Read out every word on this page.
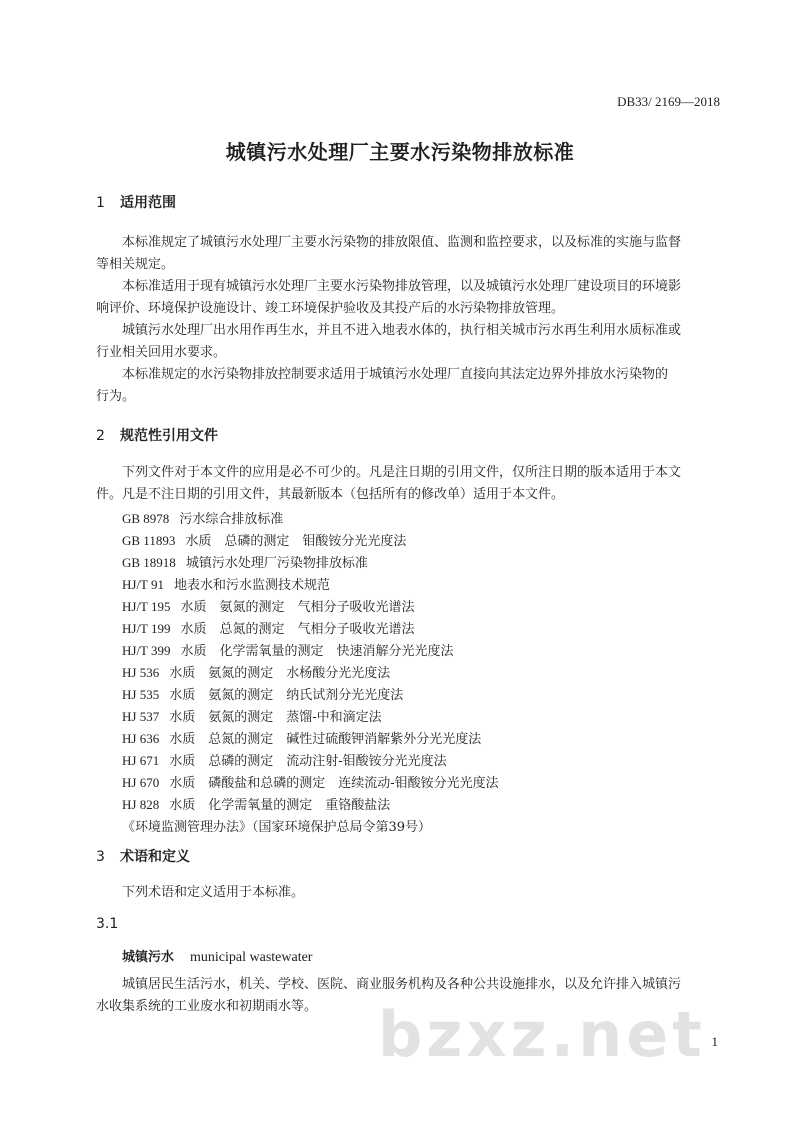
DB33/ 2169—2018
城镇污水处理厂主要水污染物排放标准
1 适用范围
本标准规定了城镇污水处理厂主要水污染物的排放限值、监测和监控要求，以及标准的实施与监督
等相关规定。
本标准适用于现有城镇污水处理厂主要水污染物排放管理，以及城镇污水处理厂建设项目的环境影
响评价、环境保护设施设计、竣工环境保护验收及其投产后的水污染物排放管理。
城镇污水处理厂出水用作再生水，并且不进入地表水体的，执行相关城市污水再生利用水质标准或
行业相关回用水要求。
本标准规定的水污染物排放控制要求适用于城镇污水处理厂直接向其法定边界外排放水污染物的
行为。
2 规范性引用文件
下列文件对于本文件的应用是必不可少的。凡是注日期的引用文件，仅所注日期的版本适用于本文
件。凡是不注日期的引用文件，其最新版本（包括所有的修改单）适用于本文件。
GB 8978 污水综合排放标准
GB 11893 水质　总磷的测定　钼酸铵分光光度法
GB 18918 城镇污水处理厂污染物排放标准
HJ/T 91 地表水和污水监测技术规范
HJ/T 195 水质　氨氮的测定　气相分子吸收光谱法
HJ/T 199 水质　总氮的测定　气相分子吸收光谱法
HJ/T 399 水质　化学需氧量的测定　快速消解分光光度法
HJ 536 水质　氨氮的测定　水杨酸分光光度法
HJ 535 水质　氨氮的测定　纳氏试剂分光光度法
HJ 537 水质　氨氮的测定　蒸馏-中和滴定法
HJ 636 水质　总氮的测定　碱性过硫酸钾消解紫外分光光度法
HJ 671 水质　总磷的测定　流动注射-钼酸铵分光光度法
HJ 670 水质　磷酸盐和总磷的测定　连续流动-钼酸铵分光光度法
HJ 828 水质　化学需氧量的测定　重铬酸盐法
《环境监测管理办法》（国家环境保护总局令第39号）
3 术语和定义
下列术语和定义适用于本标准。
3.1
城镇污水 municipal wastewater
城镇居民生活污水，机关、学校、医院、商业服务机构及各种公共设施排水，以及允许排入城镇污
水收集系统的工业废水和初期雨水等。 bzxz.net 1
